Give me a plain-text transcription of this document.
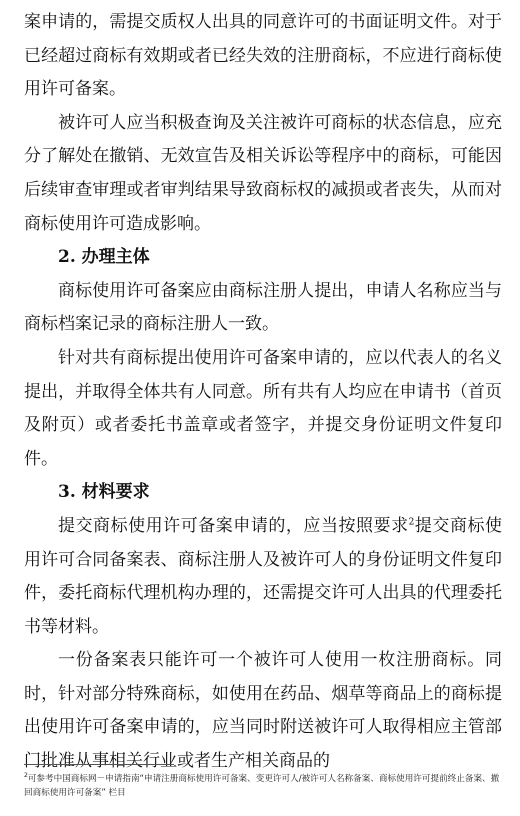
案申请的，需提交质权人出具的同意许可的书面证明文件。对于已经超过商标有效期或者已经失效的注册商标，不应进行商标使用许可备案。

被许可人应当积极查询及关注被许可商标的状态信息，应充分了解处在撤销、无效宣告及相关诉讼等程序中的商标，可能因后续审查审理或者审判结果导致商标权的减损或者丧失，从而对商标使用许可造成影响。

2. 办理主体

商标使用许可备案应由商标注册人提出，申请人名称应当与商标档案记录的商标注册人一致。

针对共有商标提出使用许可备案申请的，应以代表人的名义提出，并取得全体共有人同意。所有共有人均应在申请书（首页及附页）或者委托书盖章或者签字，并提交身份证明文件复印件。

3. 材料要求

提交商标使用许可备案申请的，应当按照要求$^2$提交商标使用许可合同备案表、商标注册人及被许可人的身份证明文件复印件，委托商标代理机构办理的，还需提交许可人出具的代理委托书等材料。

一份备案表只能许可一个被许可人使用一枚注册商标。同时，针对部分特殊商标，如使用在药品、烟草等商品上的商标提出使用许可备案申请的，应当同时附送被许可人取得相应主管部门批准从事相关行业或者生产相关商品的

$^2$可参考中国商标网－申请指南“申请注册商标使用许可备案、变更许可人/被许可人名称备案、商标使用许可提前终止备案、撤回商标使用许可备案” 栏目
